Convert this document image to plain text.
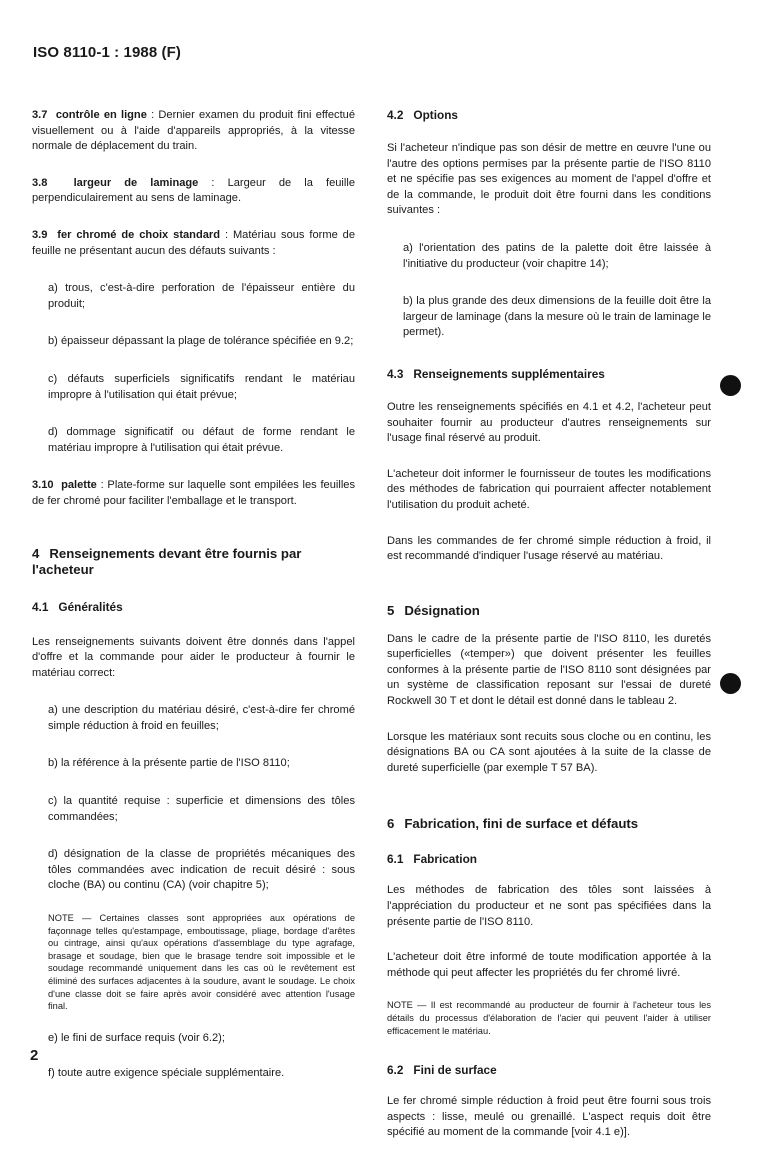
ISO 8110-1 : 1988 (F)

3.7 contrôle en ligne : Dernier examen du produit fini effectué visuellement ou à l'aide d'appareils appropriés, à la vitesse normale de déplacement du train.

3.8 largeur de laminage : Largeur de la feuille perpendiculairement au sens de laminage.

3.9 fer chromé de choix standard : Matériau sous forme de feuille ne présentant aucun des défauts suivants :

a) trous, c'est-à-dire perforation de l'épaisseur entière du produit;

b) épaisseur dépassant la plage de tolérance spécifiée en 9.2;

c) défauts superficiels significatifs rendant le matériau impropre à l'utilisation qui était prévue;

d) dommage significatif ou défaut de forme rendant le matériau impropre à l'utilisation qui était prévue.

3.10 palette : Plate-forme sur laquelle sont empilées les feuilles de fer chromé pour faciliter l'emballage et le transport.

4 Renseignements devant être fournis par l'acheteur
4.1 Généralités

Les renseignements suivants doivent être donnés dans l'appel d'offre et la commande pour aider le producteur à fournir le matériau correct:

a) une description du matériau désiré, c'est-à-dire fer chromé simple réduction à froid en feuilles;

b) la référence à la présente partie de l'ISO 8110;

c) la quantité requise : superficie et dimensions des tôles commandées;

d) désignation de la classe de propriétés mécaniques des tôles commandées avec indication de recuit désiré : sous cloche (BA) ou continu (CA) (voir chapitre 5);

NOTE — Certaines classes sont appropriées aux opérations de façonnage telles qu'estampage, emboutissage, pliage, bordage d'arêtes ou cintrage, ainsi qu'aux opérations d'assemblage du type agrafage, brasage et soudage, bien que le brasage tendre soit impossible et le soudage recommandé uniquement dans les cas où le revêtement est éliminé des surfaces adjacentes à la soudure, avant le soudage. Le choix d'une classe doit se faire après avoir considéré avec attention l'usage final.

e) le fini de surface requis (voir 6.2);

f) toute autre exigence spéciale supplémentaire.

4.2 Options

Si l'acheteur n'indique pas son désir de mettre en œuvre l'une ou l'autre des options permises par la présente partie de l'ISO 8110 et ne spécifie pas ses exigences au moment de l'appel d'offre et de la commande, le produit doit être fourni dans les conditions suivantes :

a) l'orientation des patins de la palette doit être laissée à l'initiative du producteur (voir chapitre 14);

b) la plus grande des deux dimensions de la feuille doit être la largeur de laminage (dans la mesure où le train de laminage le permet).

4.3 Renseignements supplémentaires

Outre les renseignements spécifiés en 4.1 et 4.2, l'acheteur peut souhaiter fournir au producteur d'autres renseignements sur l'usage final réservé au produit.

L'acheteur doit informer le fournisseur de toutes les modifications des méthodes de fabrication qui pourraient affecter notablement l'utilisation du produit acheté.

Dans les commandes de fer chromé simple réduction à froid, il est recommandé d'indiquer l'usage réservé au matériau.

5 Désignation

Dans le cadre de la présente partie de l'ISO 8110, les duretés superficielles («temper») que doivent présenter les feuilles conformes à la présente partie de l'ISO 8110 sont désignées par un système de classification reposant sur l'essai de dureté Rockwell 30 T et dont le détail est donné dans le tableau 2.

Lorsque les matériaux sont recuits sous cloche ou en continu, les désignations BA ou CA sont ajoutées à la suite de la classe de dureté superficielle (par exemple T 57 BA).

6 Fabrication, fini de surface et défauts
6.1 Fabrication

Les méthodes de fabrication des tôles sont laissées à l'appréciation du producteur et ne sont pas spécifiées dans la présente partie de l'ISO 8110.

L'acheteur doit être informé de toute modification apportée à la méthode qui peut affecter les propriétés du fer chromé livré.

NOTE — Il est recommandé au producteur de fournir à l'acheteur tous les détails du processus d'élaboration de l'acier qui peuvent l'aider à utiliser efficacement le matériau.

6.2 Fini de surface

Le fer chromé simple réduction à froid peut être fourni sous trois aspects : lisse, meulé ou grenaillé. L'aspect requis doit être spécifié au moment de la commande [voir 4.1 e)].

2
